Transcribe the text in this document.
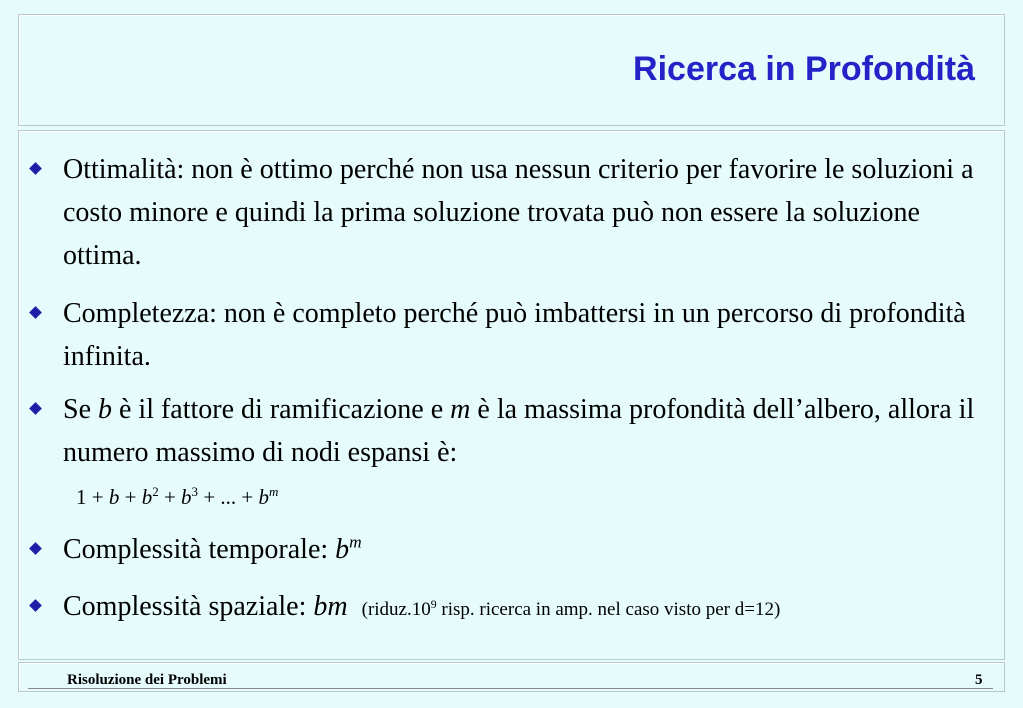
Ricerca in Profondità
Ottimalità: non è ottimo perché non usa nessun criterio per favorire le soluzioni a costo minore e quindi la prima soluzione trovata può non essere la soluzione ottima.
Completezza: non è completo perché può imbattersi in un percorso di profondità infinita.
Se b è il fattore di ramificazione e m è la massima profondità dell’albero, allora il numero massimo di nodi espansi è:
$1 + b + b^2 + b^3$ + ... + $b^m$
Complessità temporale: $b^m$
Complessità spaziale: bm ($riduz.10^9$ risp. ricerca in amp. nel caso visto per d=12)
Risoluzione dei Problemi	5
